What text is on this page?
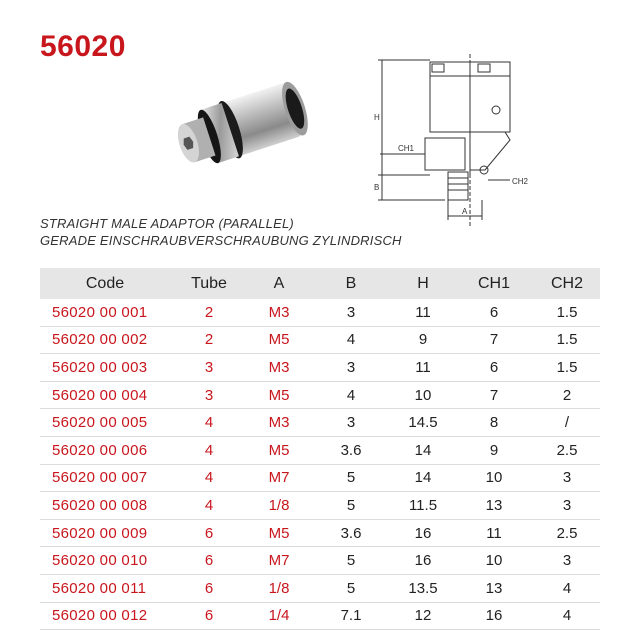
56020
H
B
CH1
CH2
A
STRAIGHT MALE ADAPTOR (PARALLEL)
GERADE EINSCHRAUBVERSCHRAUBUNG ZYLINDRISCH
Code	Tube	A	B	H	CH1	CH2
56020 00 001	2	M3	3	11	6	1.5
56020 00 002	2	M5	4	9	7	1.5
56020 00 003	3	M3	3	11	6	1.5
56020 00 004	3	M5	4	10	7	2
56020 00 005	4	M3	3	14.5	8	/
56020 00 006	4	M5	3.6	14	9	2.5
56020 00 007	4	M7	5	14	10	3
56020 00 008	4	1/8	5	11.5	13	3
56020 00 009	6	M5	3.6	16	11	2.5
56020 00 010	6	M7	5	16	10	3
56020 00 011	6	1/8	5	13.5	13	4
56020 00 012	6	1/4	7.1	12	16	4
